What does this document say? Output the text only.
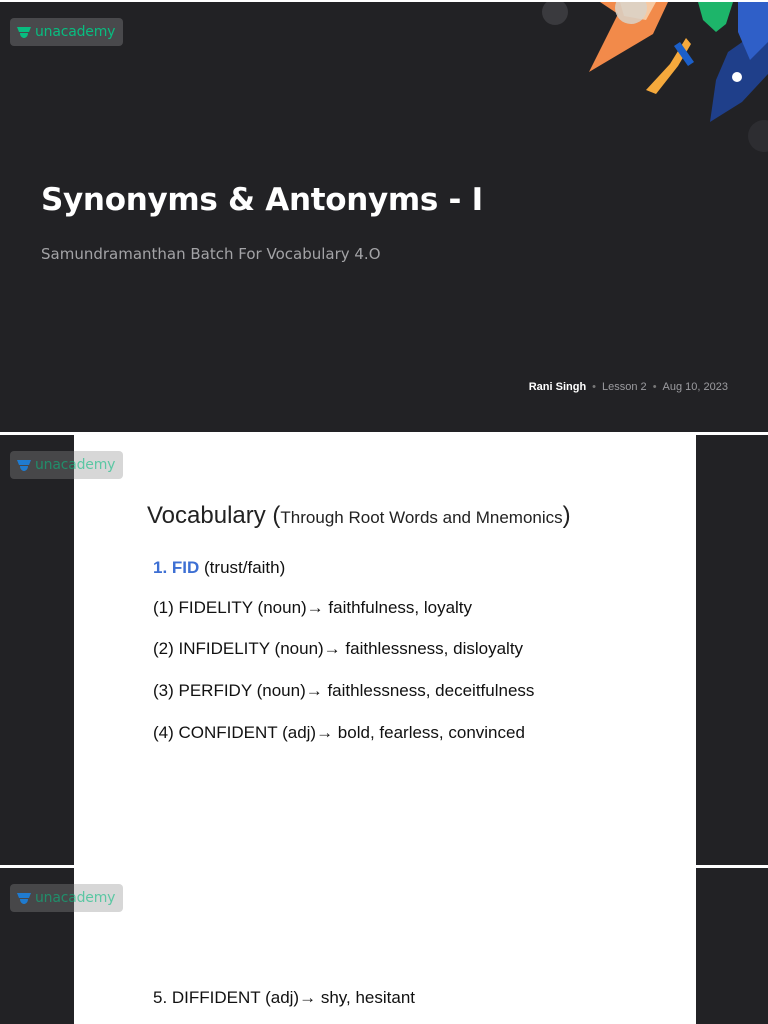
unacademy
Synonyms & Antonyms - I
Samundramanthan Batch For Vocabulary 4.O
Rani Singh • Lesson 2 • Aug 10, 2023
Vocabulary (Through Root Words and Mnemonics)
1. FID (trust/faith)
(1) FIDELITY (noun)→ faithfulness, loyalty
(2) INFIDELITY (noun)→ faithlessness, disloyalty
(3) PERFIDY (noun)→ faithlessness, deceitfulness
(4) CONFIDENT (adj)→ bold, fearless, convinced
unacademy
5. DIFFIDENT (adj)→ shy, hesitant
unacademy
